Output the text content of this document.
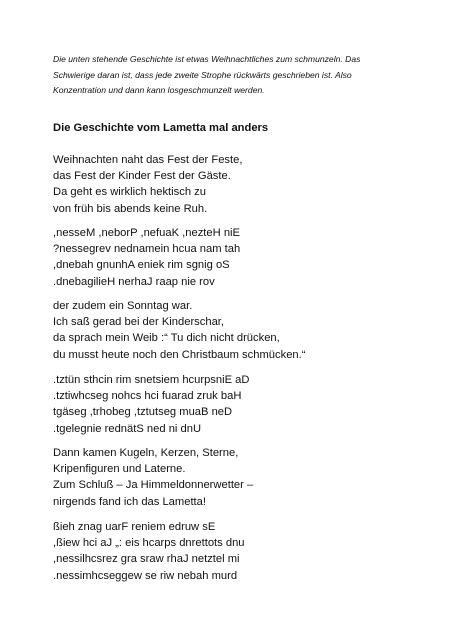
Die unten stehende Geschichte ist etwas Weihnachtliches zum schmunzeln. Das
Schwierige daran ist, dass jede zweite Strophe rückwärts geschrieben ist. Also
Konzentration und dann kann losgeschmunzelt werden.
Die Geschichte vom Lametta mal anders
Weihnachten naht das Fest der Feste,
das Fest der Kinder Fest der Gäste.
Da geht es wirklich hektisch zu
von früh bis abends keine Ruh.
,nesseM ,neborP ,nefuaK ,nezteH niE
?nessegrev nednamein hcua nam tah
,dnebah gnunhA eniek rim sgnig oS
.dnebagilieH nerhaJ raap nie rov
der zudem ein Sonntag war.
Ich saß gerad bei der Kinderschar,
da sprach mein Weib :“ Tu dich nicht drücken,
du musst heute noch den Christbaum schmücken.“
.tztün sthcin rim snetsiem hcurpsniE aD
.tztiwhcseg nohcs hci fuarad zruk baH
tgäseg ,trhobeg ,tztutseg muaB neD
.tgelegnie rednätS ned ni dnU
Dann kamen Kugeln, Kerzen, Sterne,
Kripenfiguren und Laterne.
Zum Schluß – Ja Himmeldonnerwetter –
nirgends fand ich das Lametta!
ßieh znag uarF reniem edruw sE
,ßiew hci aJ „: eis hcarps dnrettots dnu
,nessilhcsrez gra sraw rhaJ netztel mi
.nessimhcseggew se riw nebah murd
